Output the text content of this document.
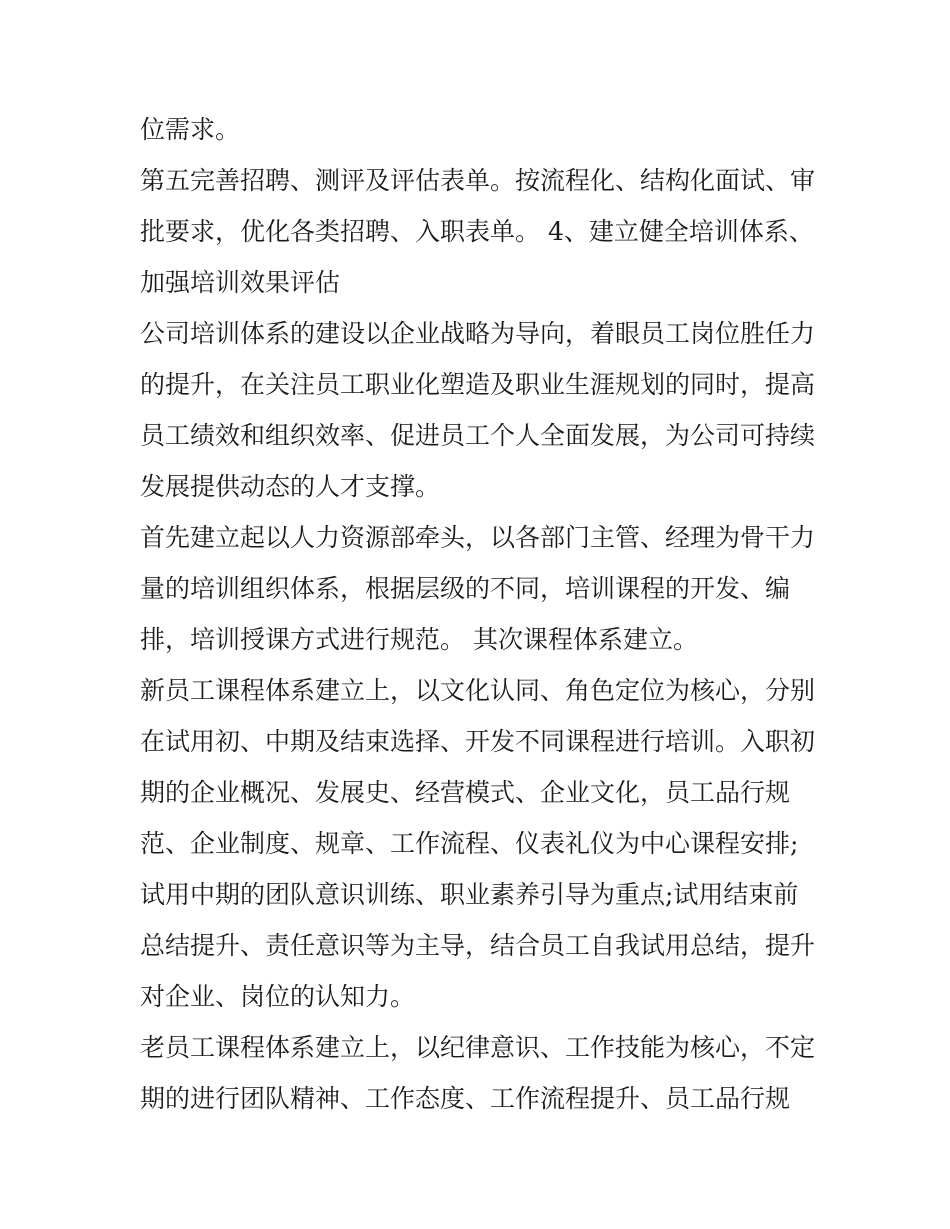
位需求。
第五完善招聘、测评及评估表单。按流程化、结构化面试、审
批要求，优化各类招聘、入职表单。 4、建立健全培训体系、
加强培训效果评估
公司培训体系的建设以企业战略为导向，着眼员工岗位胜任力
的提升，在关注员工职业化塑造及职业生涯规划的同时，提高
员工绩效和组织效率、促进员工个人全面发展，为公司可持续
发展提供动态的人才支撑。
首先建立起以人力资源部牵头，以各部门主管、经理为骨干力
量的培训组织体系，根据层级的不同，培训课程的开发、编
排，培训授课方式进行规范。 其次课程体系建立。
新员工课程体系建立上，以文化认同、角色定位为核心，分别
在试用初、中期及结束选择、开发不同课程进行培训。入职初
期的企业概况、发展史、经营模式、企业文化，员工品行规
范、企业制度、规章、工作流程、仪表礼仪为中心课程安排;
试用中期的团队意识训练、职业素养引导为重点;试用结束前
总结提升、责任意识等为主导，结合员工自我试用总结，提升
对企业、岗位的认知力。
老员工课程体系建立上，以纪律意识、工作技能为核心，不定
期的进行团队精神、工作态度、工作流程提升、员工品行规
